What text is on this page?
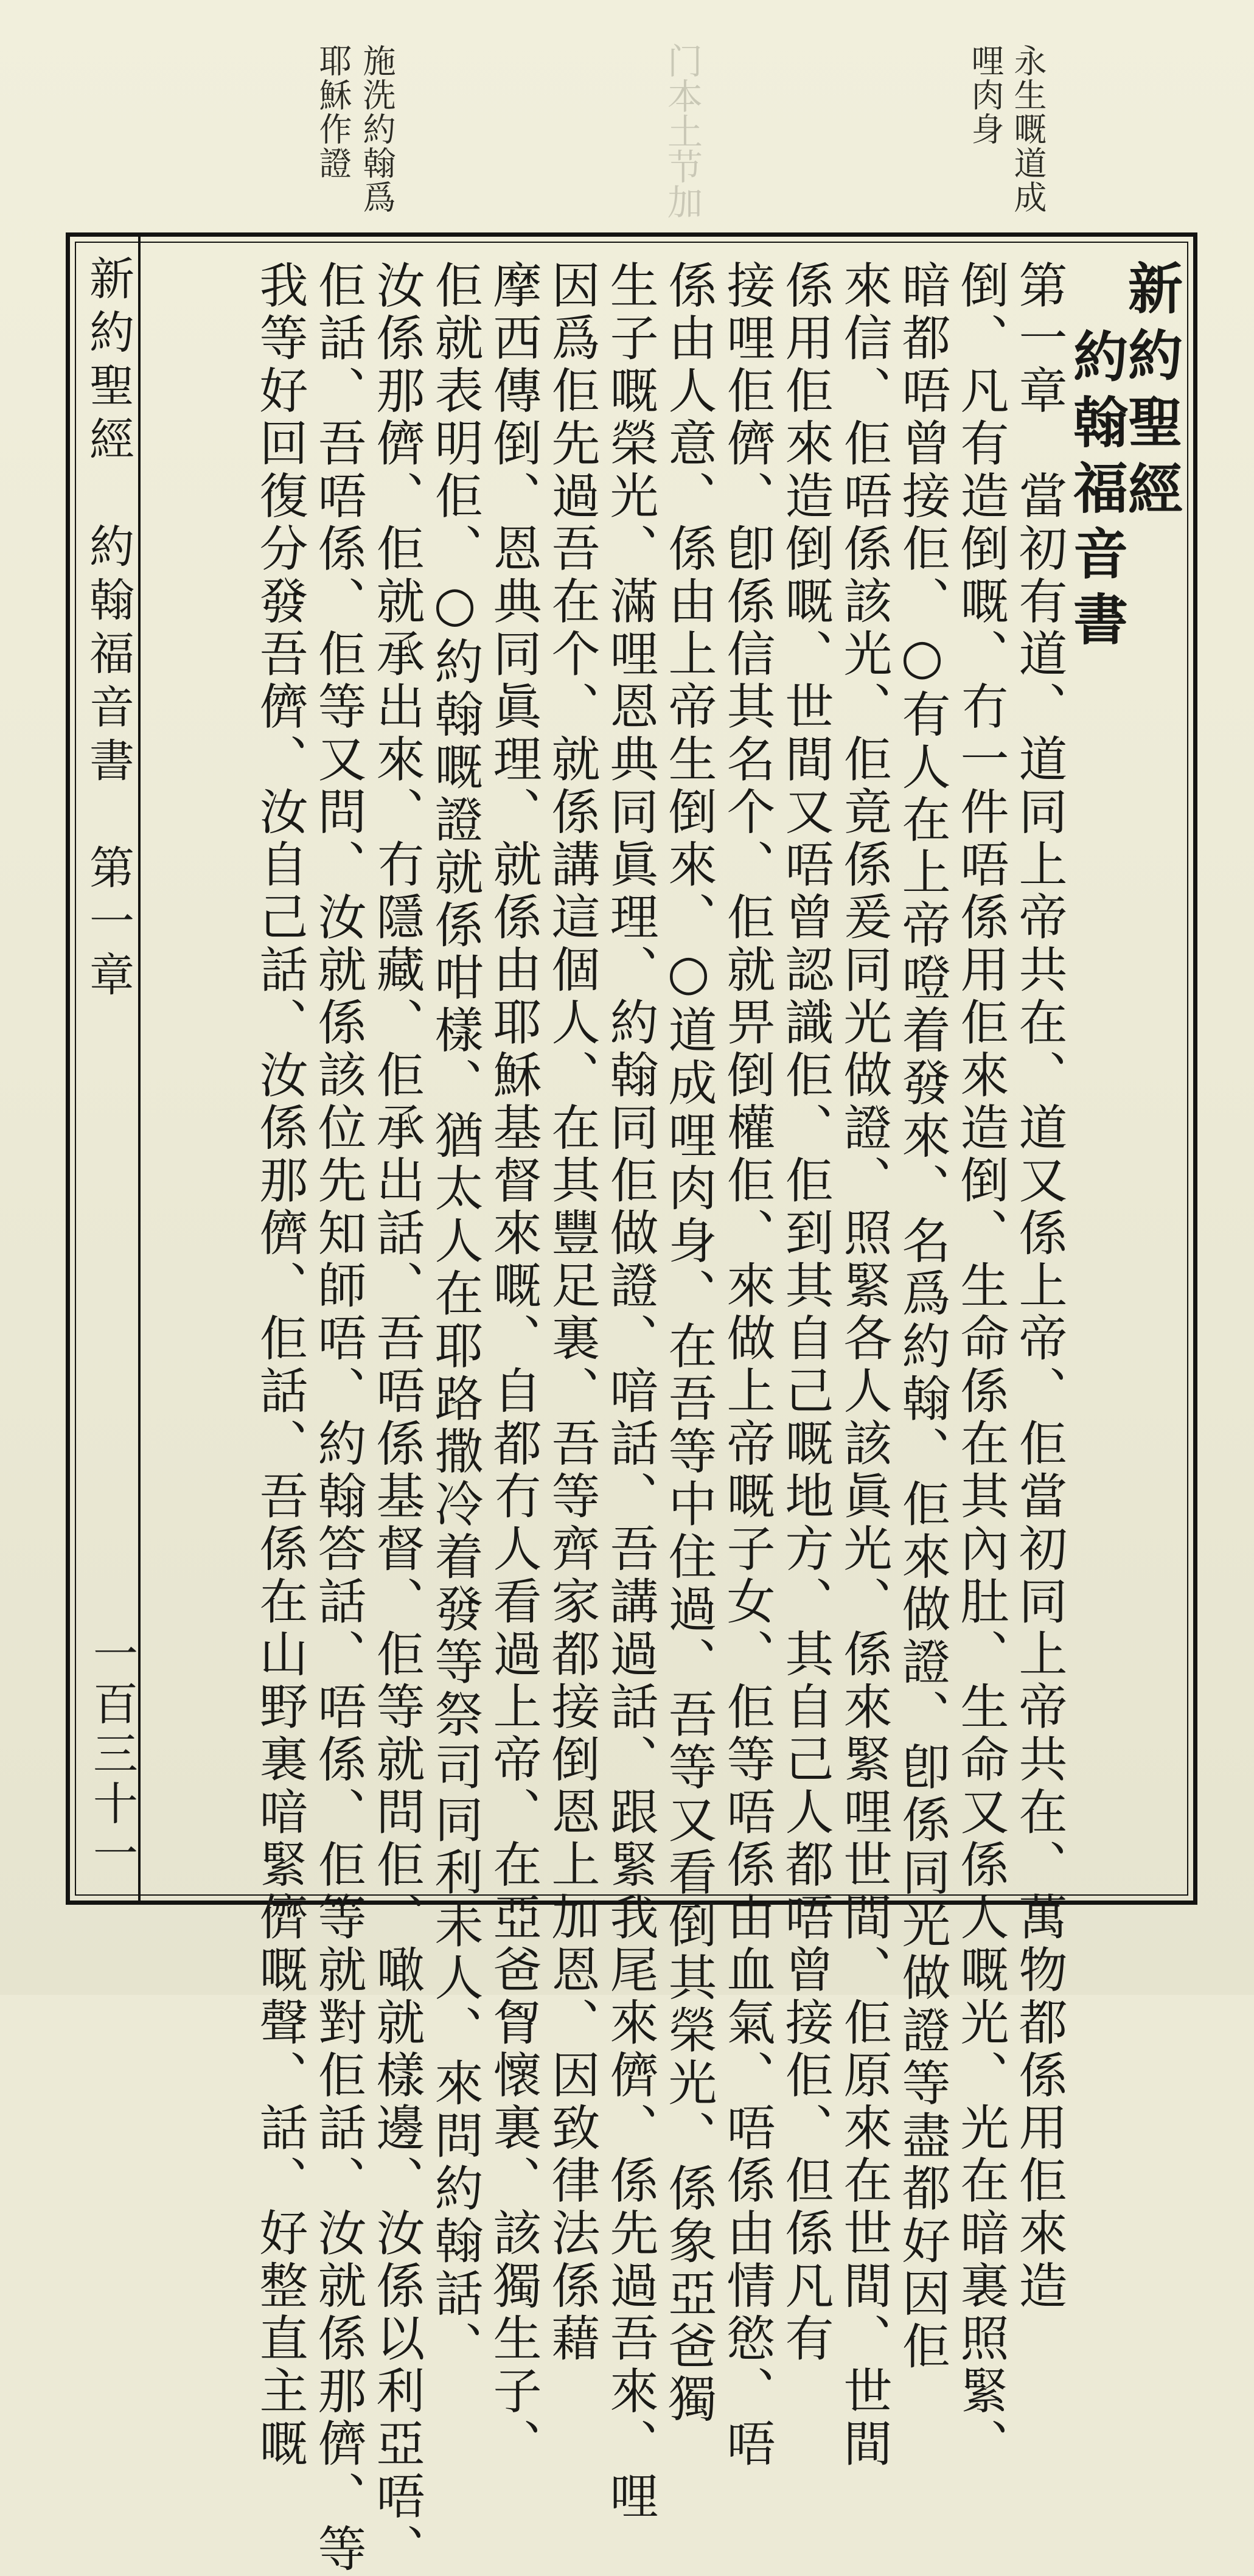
永生嘅道成
哩肉身
门本土节加
施洗約翰爲
耶穌作證
新約聖經
約翰福音書
第一章　當初有道、道同上帝共在、道又係上帝、佢當初同上帝共在、萬物都係用佢來造
倒、凡有造倒嘅、冇一件唔係用佢來造倒、生命係在其內肚、生命又係人嘅光、光在暗裏照緊、
暗都唔曾接佢、○有人在上帝噔着發來、名爲約翰、佢來做證、卽係同光做證等盡都好因佢
來信、佢唔係該光、佢竟係爰同光做證、照緊各人該眞光、係來緊哩世間、佢原來在世間、世間
係用佢來造倒嘅、世間又唔曾認識佢、佢到其自己嘅地方、其自己人都唔曾接佢、但係凡有
接哩佢儕、卽係信其名个、佢就畀倒權佢、來做上帝嘅子女、佢等唔係由血氣、唔係由情慾、唔
係由人意、係由上帝生倒來、○道成哩肉身、在吾等中住過、吾等又看倒其榮光、係象亞爸獨
生子嘅榮光、滿哩恩典同眞理、約翰同佢做證、喑話、吾講過話、跟緊我尾來儕、係先過吾來、哩
因爲佢先過吾在个、就係講這個人、在其豐足裏、吾等齊家都接倒恩上加恩、因致律法係藉
摩西傳倒、恩典同眞理、就係由耶穌基督來嘅、自都冇人看過上帝、在亞爸胷懷裏、該獨生子、
佢就表明佢、○約翰嘅證就係咁樣、猶太人在耶路撒冷着發等祭司同利未人、來問約翰話、
汝係那儕、佢就承出來、冇隱藏、佢承出話、吾唔係基督、佢等就問佢、噉就樣邊、汝係以利亞唔、
佢話、吾唔係、佢等又問、汝就係該位先知師唔、約翰答話、唔係、佢等就對佢話、汝就係那儕、等
我等好回復分發吾儕、汝自己話、汝係那儕、佢話、吾係在山野裏喑緊儕嘅聲、話、好整直主嘅
新約聖經　約翰福音書　第一章
一百三十一
